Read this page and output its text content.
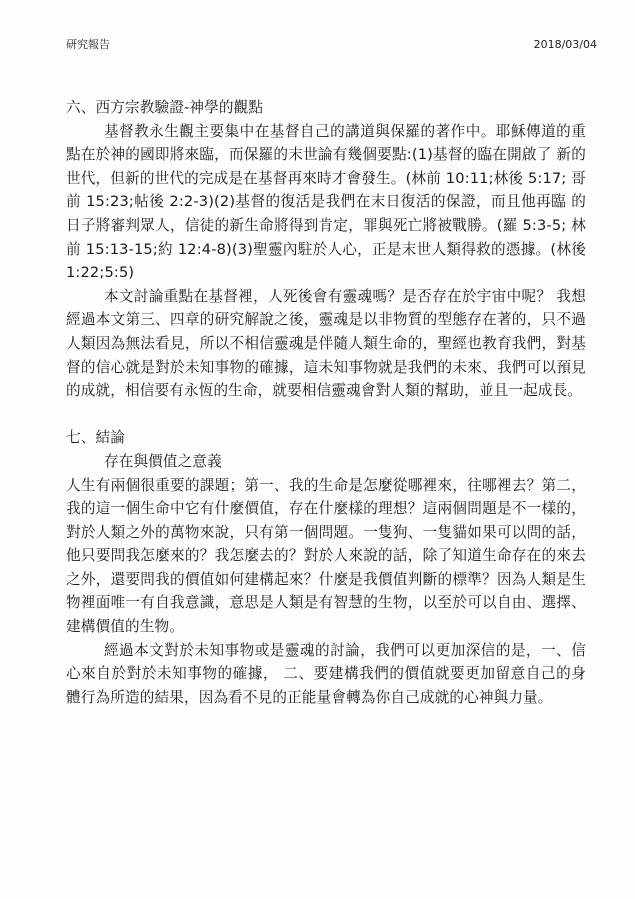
研究報告	2018/03/04

六、西方宗教驗證-神學的觀點

基督教永生觀主要集中在基督自己的講道與保羅的著作中。耶穌傳道的重點在於神的國即將來臨，而保羅的末世論有幾個要點:(1)基督的臨在開啟了 新的世代，但新的世代的完成是在基督再來時才會發生。(林前 10:11;林後 5:17; 哥前 15:23;帖後 2:2-3)(2)基督的復活是我們在末日復活的保證，而且他再臨 的日子將審判眾人，信徒的新生命將得到肯定，罪與死亡將被戰勝。(羅 5:3-5; 林前 15:13-15;約 12:4-8)(3)聖靈內駐於人心，正是末世人類得救的憑據。(林後 1:22;5:5)

本文討論重點在基督裡，人死後會有靈魂嗎？是否存在於宇宙中呢？ 我想經過本文第三、四章的研究解說之後，靈魂是以非物質的型態存在著的，只不過人類因為無法看見，所以不相信靈魂是伴隨人類生命的，聖經也教育我們，對基督的信心就是對於未知事物的確據，這未知事物就是我們的未來、我們可以預見的成就，相信要有永恆的生命，就要相信靈魂會對人類的幫助，並且一起成長。

七、結論

存在與價值之意義

人生有兩個很重要的課題；第一、我的生命是怎麼從哪裡來，往哪裡去？第二，我的這一個生命中它有什麼價值，存在什麼樣的理想？這兩個問題是不一樣的，對於人類之外的萬物來說，只有第一個問題。一隻狗、一隻貓如果可以問的話，他只要問我怎麼來的？我怎麼去的？對於人來說的話，除了知道生命存在的來去之外，還要問我的價值如何建構起來？什麼是我價值判斷的標準？因為人類是生物裡面唯一有自我意識，意思是人類是有智慧的生物，以至於可以自由、選擇、建構價值的生物。

經過本文對於未知事物或是靈魂的討論，我們可以更加深信的是，一、信心來自於對於未知事物的確據， 二、要建構我們的價值就要更加留意自己的身體行為所造的結果，因為看不見的正能量會轉為你自己成就的心神與力量。
